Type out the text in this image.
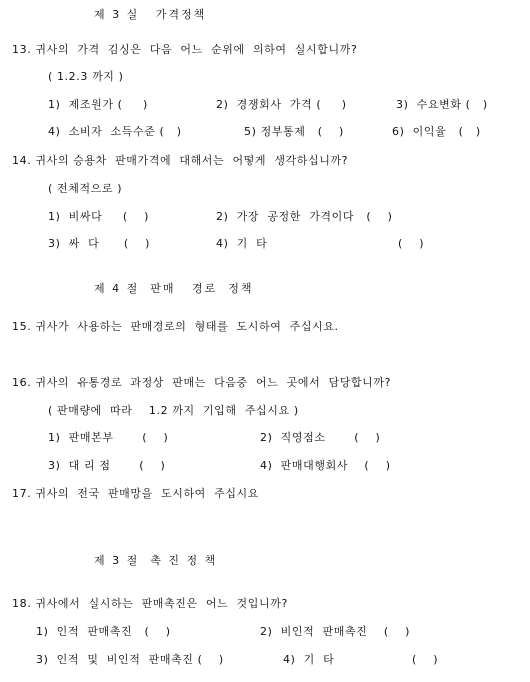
제 3 실   가격정책
13. 귀사의  가격  김싱은  다음  어느  순위에  의하여  실시합니까?
( 1.2.3 까지 )
1)  제조원가 (     )	2)  경쟁회사  가격 (     )	3)  수요변화 (   )
4)  소비자  소득수준 (   )	5) 정부통제   (    )	6)  이익율   (   )
14. 귀사의 승용차  판매가격에  대해서는  어떻게  생각하십니까?
( 전체적으로 )
1)  비싸다     (    )	2)  가장  공정한  가격이다   (    )
3)  싸  다      (    )	4)  기  타	(    )
제 4 절  판매   경로  정책
15. 귀사가  사용하는  판매경로의  형태를  도시하여  주십시요.
16. 귀사의  유통경로  과정상  판매는  다음중  어느  곳에서  담당합니까?
( 판매량에  따라    1.2 까지  기입해  주십시요 )
1)  판매본부       (    )	2)  직영점소       (    )
3)  대 리 점       (    )	4)  판매대행회사    (    )
17. 귀사의  전국  판매망을  도시하여  주십시요
제 3 절  촉 진 정 책
18. 귀사에서  실시하는  판매촉진은  어느  것입니까?
1)  인적  판매촉진   (    )	2)  비인적  판매촉진    (    )
3)  인적  및  비인적  판매촉진 (    )	4)  기  타	(    )
